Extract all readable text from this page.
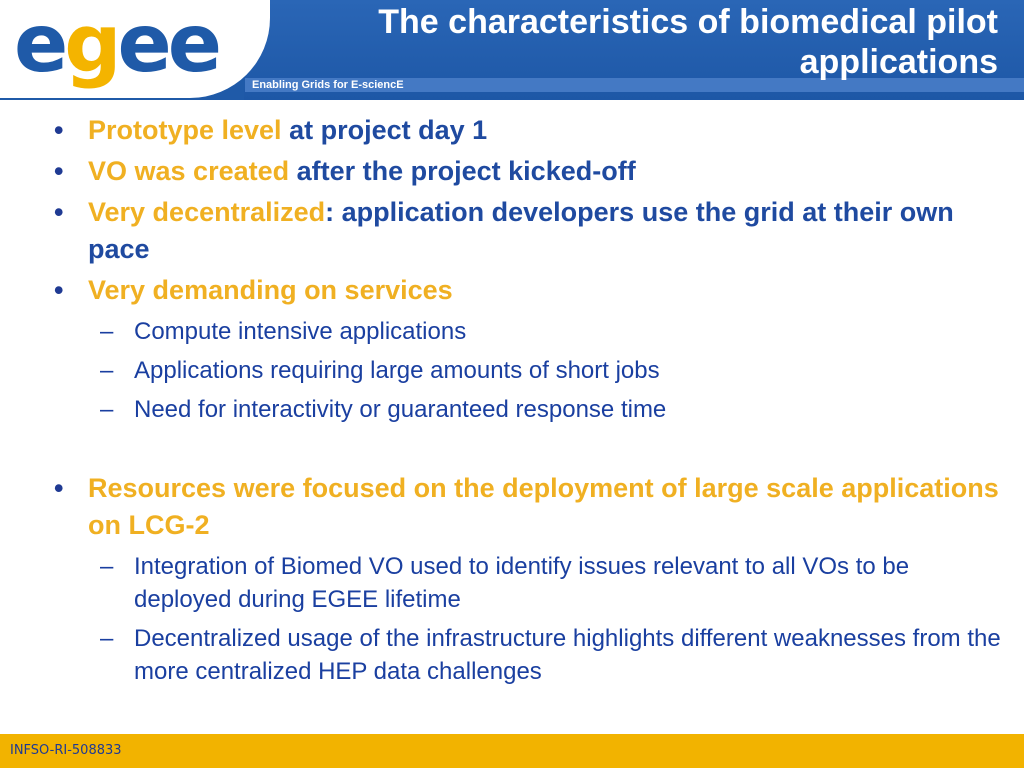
egee	Enabling Grids for E-sciencE
The characteristics of biomedical pilot
applications
• Prototype level at project day 1
• VO was created after the project kicked-off
• Very decentralized: application developers use the grid at their own pace
• Very demanding on services
– Compute intensive applications
– Applications requiring large amounts of short jobs
– Need for interactivity or guaranteed response time
• Resources were focused on the deployment of large scale applications on LCG-2
– Integration of Biomed VO used to identify issues relevant to all VOs to be deployed during EGEE lifetime
– Decentralized usage of the infrastructure highlights different weaknesses from the more centralized HEP data challenges
INFSO-RI-508833
